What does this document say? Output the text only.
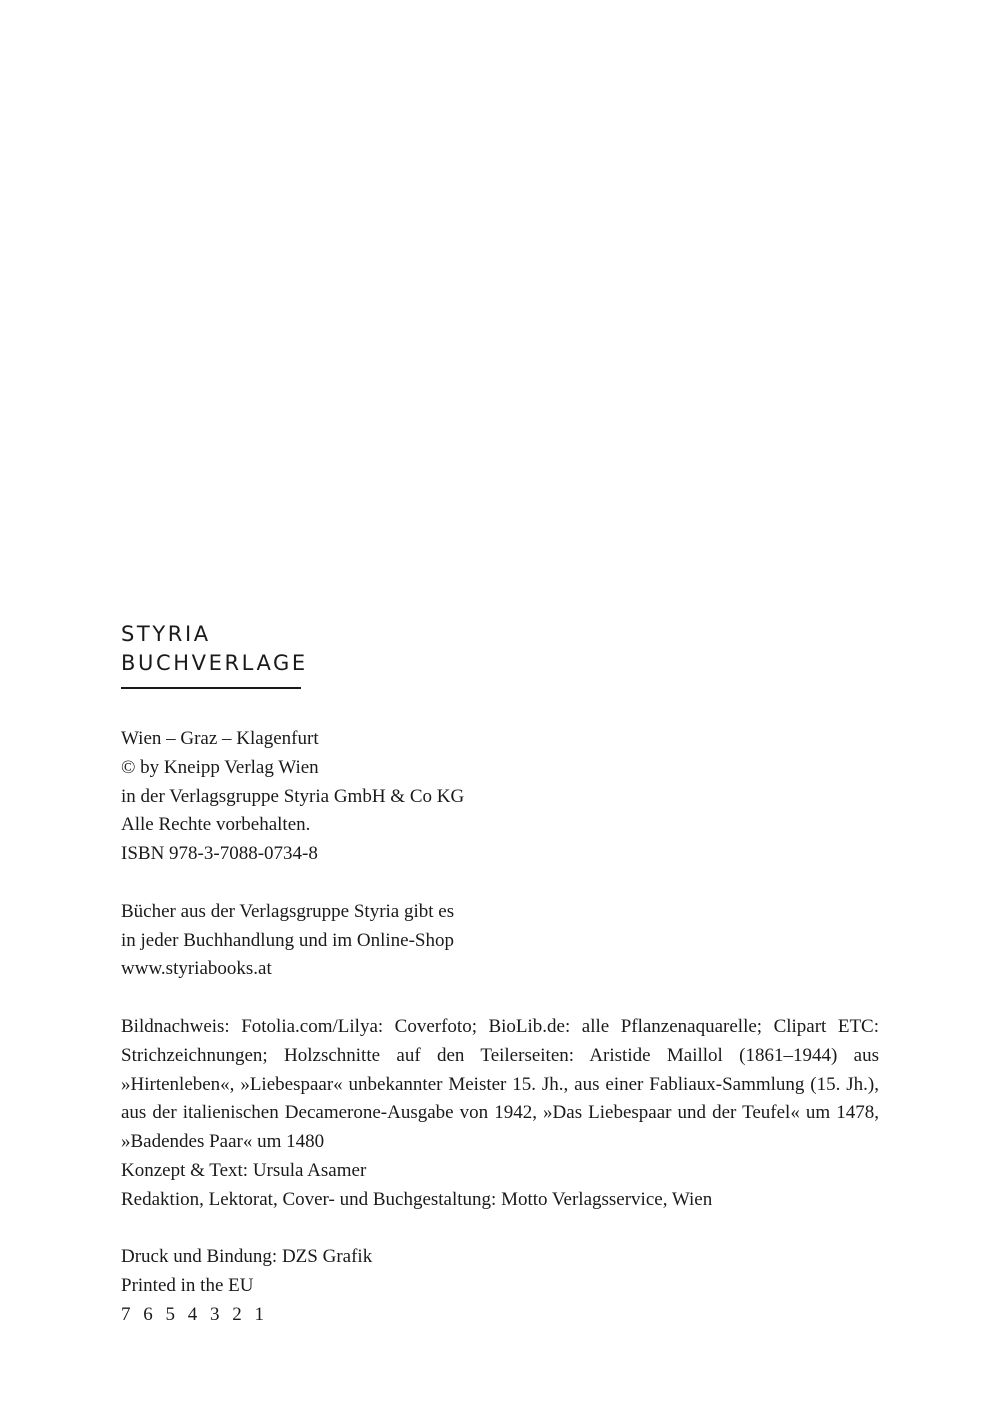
STYRIA
BUCHVERLAGE
Wien – Graz – Klagenfurt
© by Kneipp Verlag Wien
in der Verlagsgruppe Styria GmbH & Co KG
Alle Rechte vorbehalten.
ISBN 978-3-7088-0734-8
Bücher aus der Verlagsgruppe Styria gibt es
in jeder Buchhandlung und im Online-Shop
www.styriabooks.at
Bildnachweis: Fotolia.com/Lilya: Coverfoto; BioLib.de: alle Pflanzenaquarelle; Clipart ETC: Strichzeichnungen; Holzschnitte auf den Teilerseiten: Aristide Maillol (1861–1944) aus »Hirtenleben«, »Liebespaar« unbekannter Meister 15. Jh., aus einer Fabliaux-Sammlung (15. Jh.), aus der italienischen Decamerone-Ausgabe von 1942, »Das Liebespaar und der Teufel« um 1478, »Badendes Paar« um 1480
Konzept & Text: Ursula Asamer
Redaktion, Lektorat, Cover- und Buchgestaltung: Motto Verlagsservice, Wien
Druck und Bindung: DZS Grafik
Printed in the EU
7 6 5 4 3 2 1
